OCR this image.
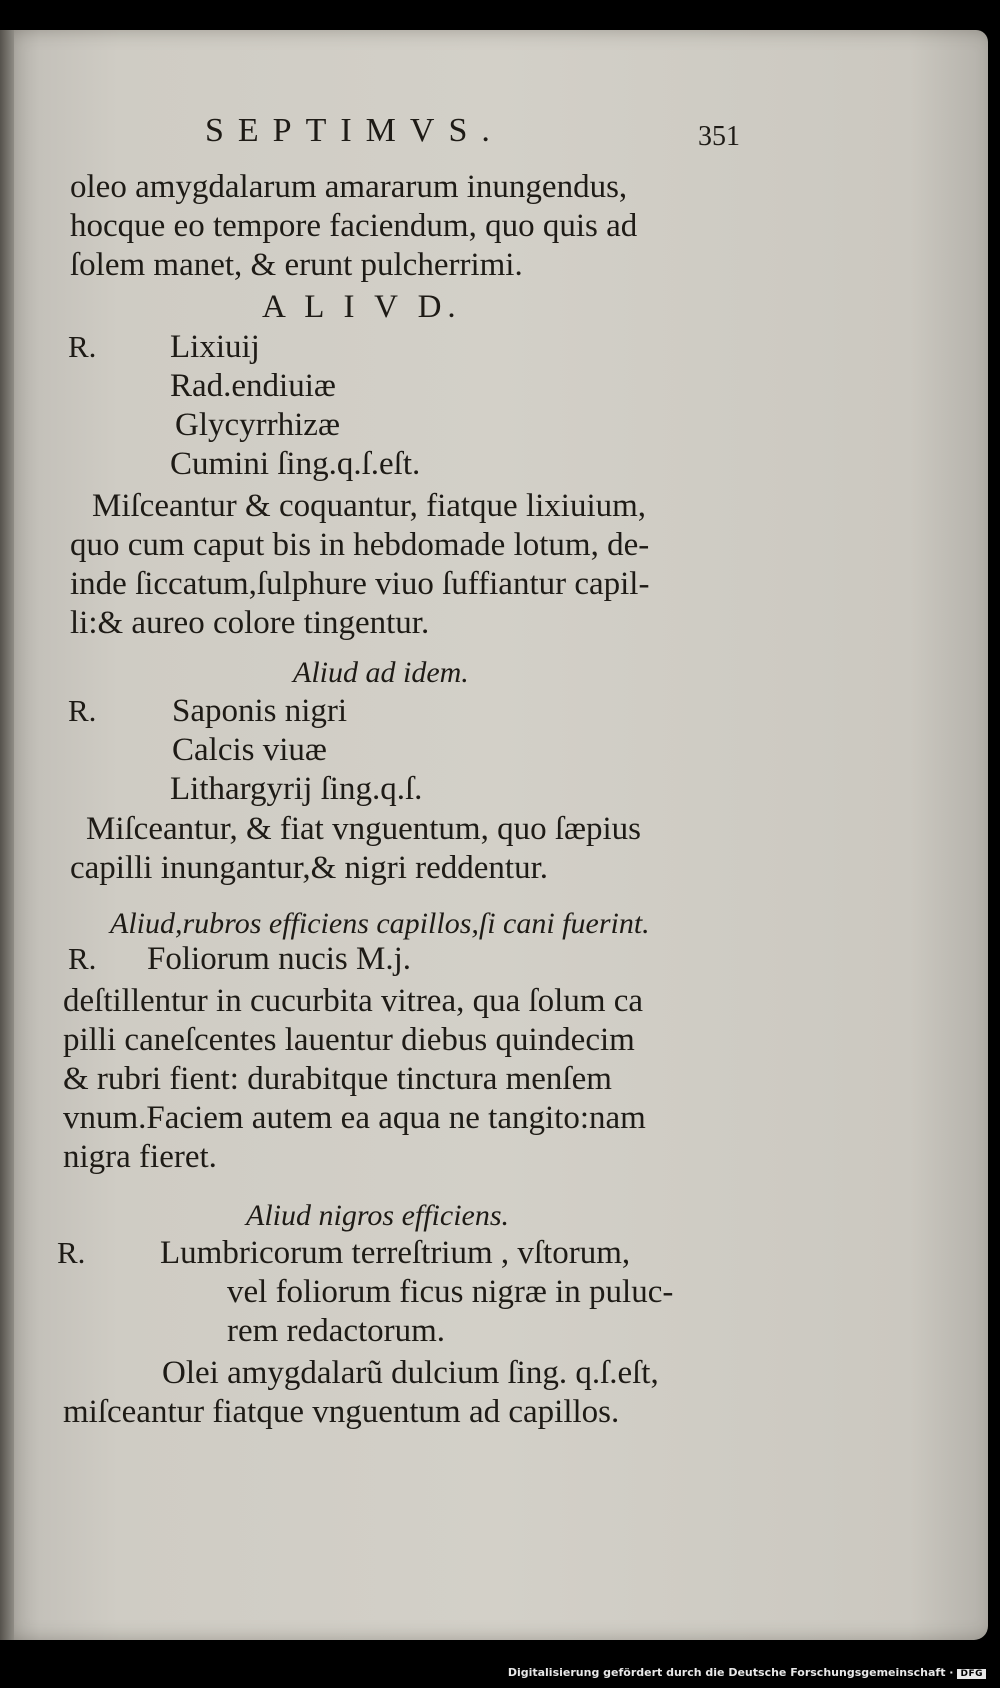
SEPTIMVS.	351
oleo amygdalarum amararum inungendus,
hocque eo tempore faciendum, quo quis ad
ſolem manet, & erunt pulcherrimi.
A L I V D.
R. Lixiuij
Rad.endiuiæ
Glycyrrhizæ
Cumini ſing.q.ſ.eſt.
Miſceantur & coquantur, fiatque lixiuium,
quo cum caput bis in hebdomade lotum, de-
inde ſiccatum,ſulphure viuo ſuffiantur capil-
li:& aureo colore tingentur.
Aliud ad idem.
R. Saponis nigri
Calcis viuæ
Lithargyrij ſing.q.ſ.
Miſceantur, & fiat vnguentum, quo ſæpius
capilli inungantur,& nigri reddentur.
Aliud,rubros efficiens capillos,ſi cani fuerint.
R. Foliorum nucis M.j.
deſtillentur in cucurbita vitrea, qua ſolum ca
pilli caneſcentes lauentur diebus quindecim
& rubri fient: durabitque tinctura menſem
vnum.Faciem autem ea aqua ne tangito:nam
nigra fieret.
Aliud nigros efficiens.
R. Lumbricorum terreſtrium , vſtorum,
vel foliorum ficus nigræ in puluc-
rem redactorum.
Olei amygdalarũ dulcium ſing. q.ſ.eſt,
miſceantur fiatque vnguentum ad capillos.
Digitalisierung gefördert durch die Deutsche Forschungsgemeinschaft · DFG
